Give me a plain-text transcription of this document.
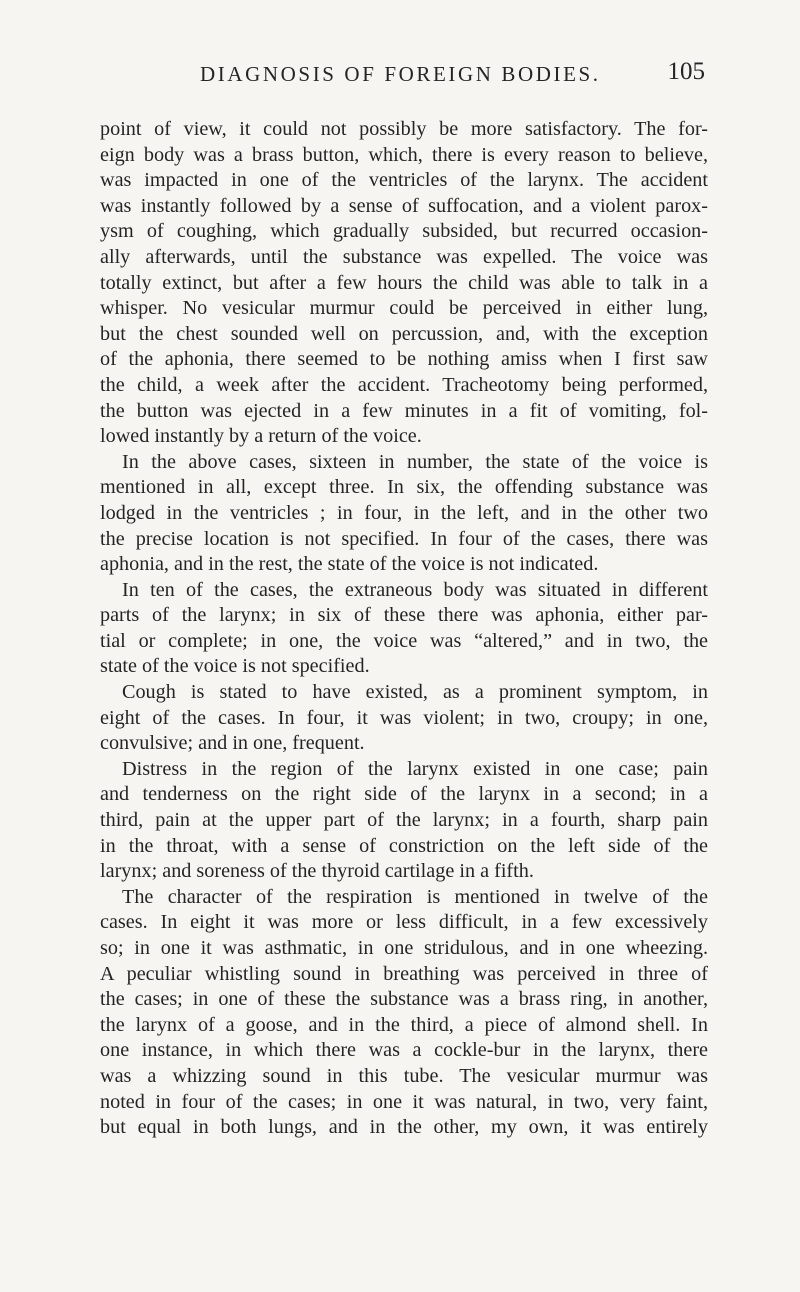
DIAGNOSIS OF FOREIGN BODIES.	105
point of view, it could not possibly be more satisfactory. The for-
eign body was a brass button, which, there is every reason to believe,
was impacted in one of the ventricles of the larynx. The accident
was instantly followed by a sense of suffocation, and a violent parox-
ysm of coughing, which gradually subsided, but recurred occasion-
ally afterwards, until the substance was expelled. The voice was
totally extinct, but after a few hours the child was able to talk in a
whisper. No vesicular murmur could be perceived in either lung,
but the chest sounded well on percussion, and, with the exception
of the aphonia, there seemed to be nothing amiss when I first saw
the child, a week after the accident. Tracheotomy being performed,
the button was ejected in a few minutes in a fit of vomiting, fol-
lowed instantly by a return of the voice.
In the above cases, sixteen in number, the state of the voice is
mentioned in all, except three. In six, the offending substance was
lodged in the ventricles ; in four, in the left, and in the other two
the precise location is not specified. In four of the cases, there was
aphonia, and in the rest, the state of the voice is not indicated.
In ten of the cases, the extraneous body was situated in different
parts of the larynx; in six of these there was aphonia, either par-
tial or complete; in one, the voice was “altered,” and in two, the
state of the voice is not specified.
Cough is stated to have existed, as a prominent symptom, in
eight of the cases. In four, it was violent; in two, croupy; in one,
convulsive; and in one, frequent.
Distress in the region of the larynx existed in one case; pain
and tenderness on the right side of the larynx in a second; in a
third, pain at the upper part of the larynx; in a fourth, sharp pain
in the throat, with a sense of constriction on the left side of the
larynx; and soreness of the thyroid cartilage in a fifth.
The character of the respiration is mentioned in twelve of the
cases. In eight it was more or less difficult, in a few excessively
so; in one it was asthmatic, in one stridulous, and in one wheezing.
A peculiar whistling sound in breathing was perceived in three of
the cases; in one of these the substance was a brass ring, in another,
the larynx of a goose, and in the third, a piece of almond shell. In
one instance, in which there was a cockle-bur in the larynx, there
was a whizzing sound in this tube. The vesicular murmur was
noted in four of the cases; in one it was natural, in two, very faint,
but equal in both lungs, and in the other, my own, it was entirely
